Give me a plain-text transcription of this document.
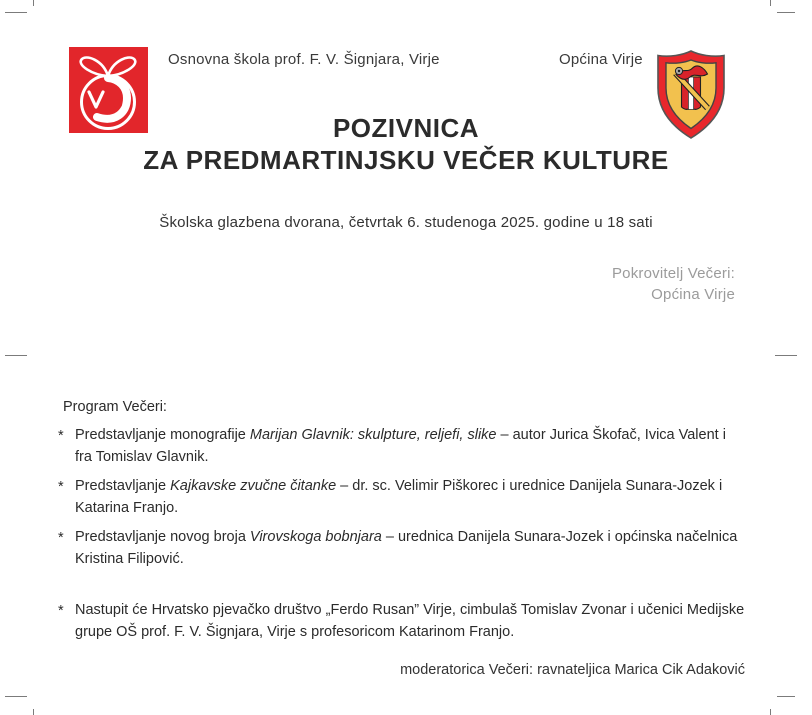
Osnovna škola prof. F. V. Šignjara, Virje	Općina Virje
POZIVNICA
ZA PREDMARTINJSKU VEČER KULTURE
Školska glazbena dvorana, četvrtak 6. studenoga 2025. godine u 18 sati
Pokrovitelj Večeri:
Općina Virje

Program Večeri:

* Predstavljanje monografije Marijan Glavnik: skulpture, reljefi, slike – autor Jurica Škofač, Ivica Valent i fra Tomislav Glavnik.
* Predstavljanje Kajkavske zvučne čitanke – dr. sc. Velimir Piškorec i urednice Danijela Sunara-Jozek i Katarina Franjo.
* Predstavljanje novog broja Virovskoga bobnjara – urednica Danijela Sunara-Jozek i općinska načelnica Kristina Filipović.
* Nastupit će Hrvatsko pjevačko društvo „Ferdo Rusan” Virje, cimbulaš Tomislav Zvonar i učenici Medijske grupe OŠ prof. F. V. Šignjara, Virje s profesoricom Katarinom Franjo.
moderatorica Večeri: ravnateljica Marica Cik Adaković
